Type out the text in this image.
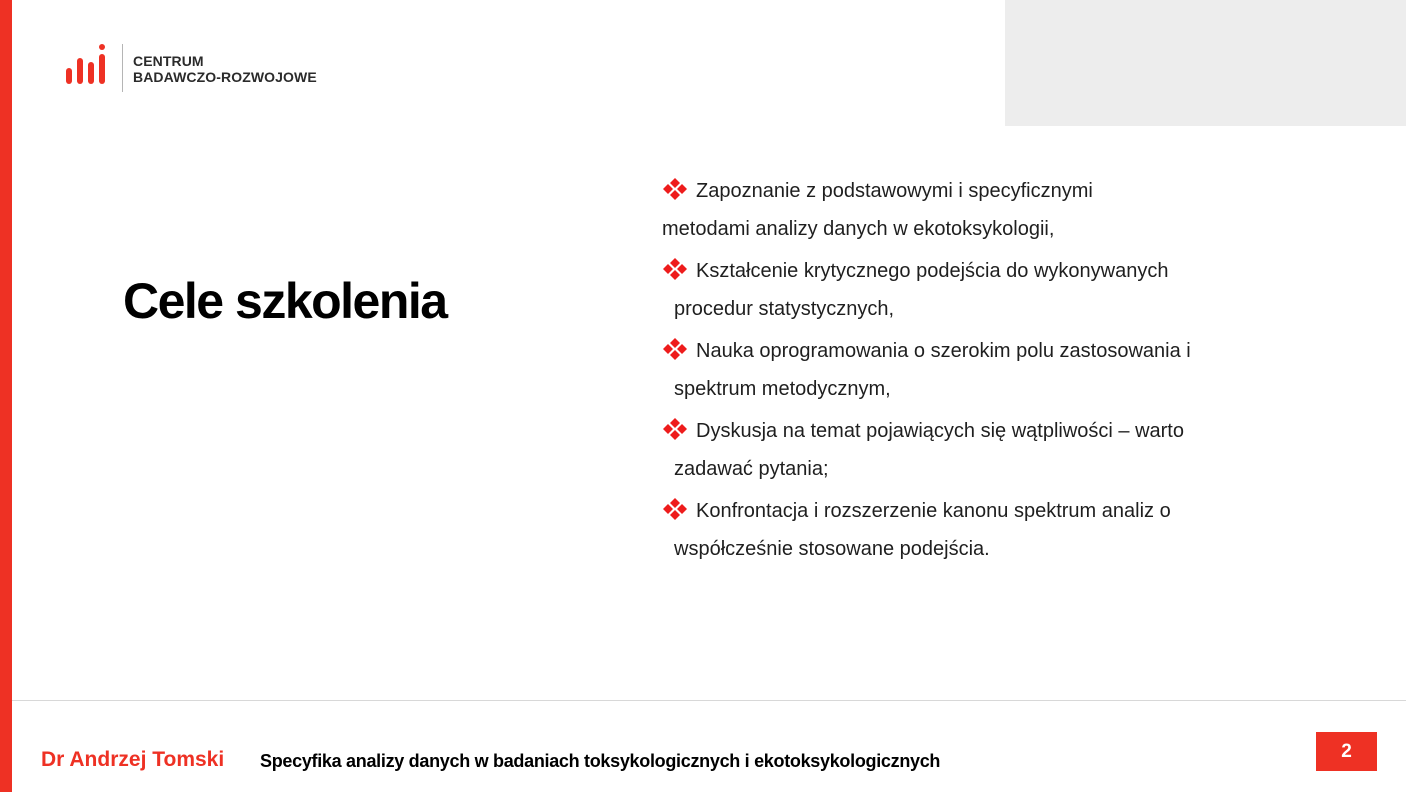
CENTRUM
BADAWCZO-ROZWOJOWE
Cele szkolenia
Zapoznanie z podstawowymi i specyficznymi
metodami analizy danych w ekotoksykologii,
Kształcenie krytycznego podejścia do wykonywanych
procedur statystycznych,
Nauka oprogramowania o szerokim polu zastosowania i
spektrum metodycznym,
Dyskusja na temat pojawiących się wątpliwości – warto
zadawać pytania;
Konfrontacja i rozszerzenie kanonu spektrum analiz o
współcześnie stosowane podejścia.
Dr Andrzej Tomski Specyfika analizy danych w badaniach toksykologicznych i ekotoksykologicznych	2
